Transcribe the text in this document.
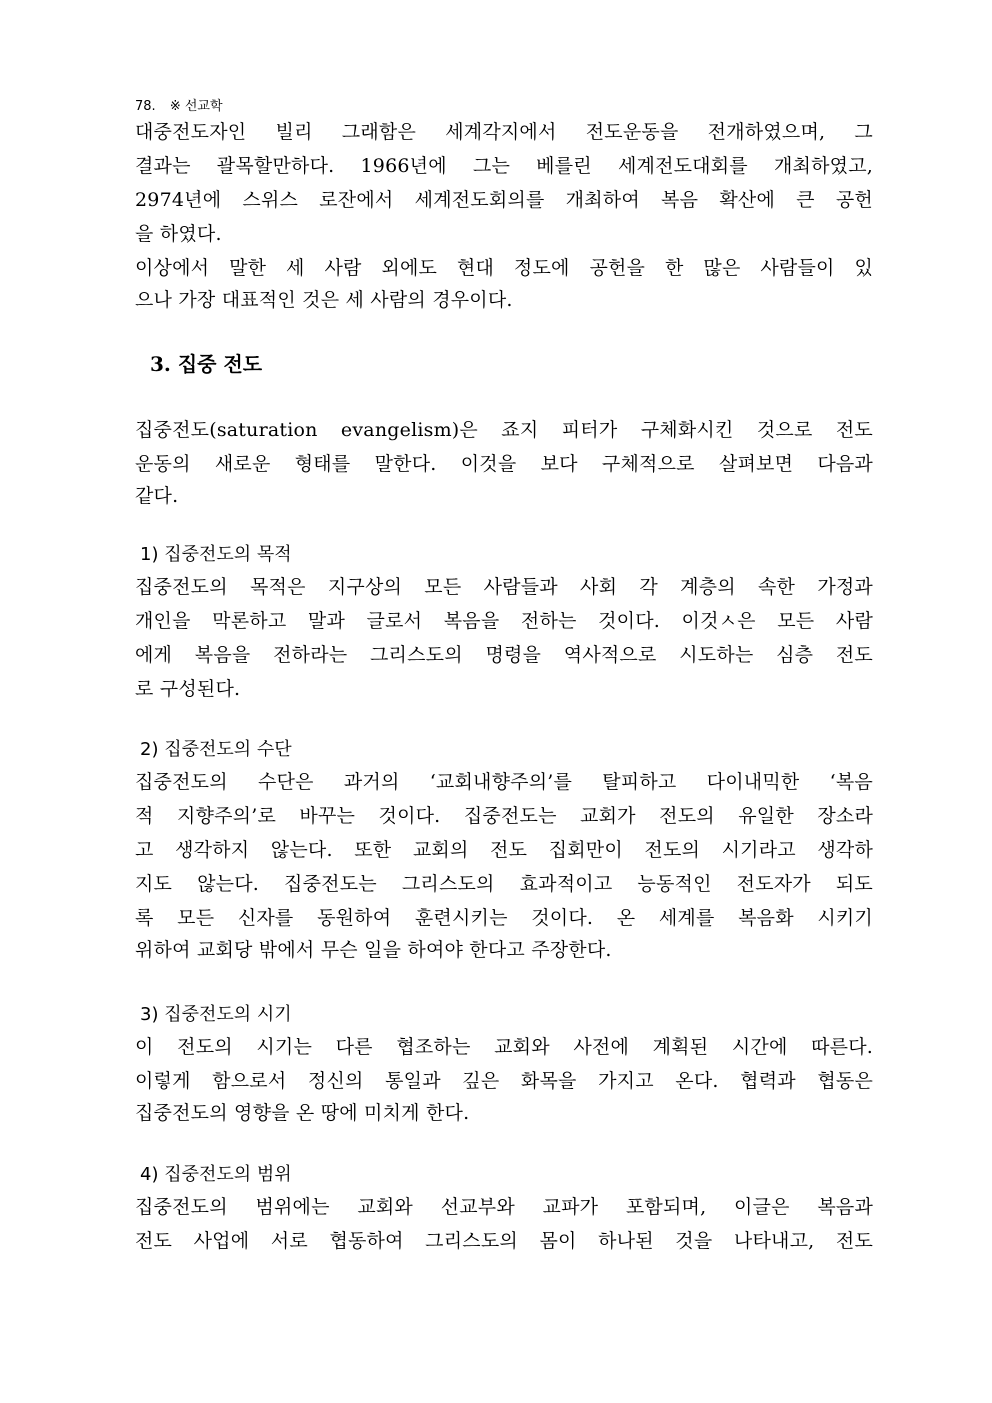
78. ※ 선교학
대중전도자인 빌리 그래함은 세계각지에서 전도운동을 전개하였으며, 그
결과는 괄목할만하다. 1966년에 그는 베를린 세계전도대회를 개최하였고,
2974년에 스위스 로잔에서 세계전도회의를 개최하여 복음 확산에 큰 공헌
을 하였다.
이상에서 말한 세 사람 외에도 현대 정도에 공헌을 한 많은 사람들이 있
으나 가장 대표적인 것은 세 사람의 경우이다.
3. 집중 전도
집중전도(saturation evangelism)은 죠지 피터가 구체화시킨 것으로 전도
운동의 새로운 형태를 말한다. 이것을 보다 구체적으로 살펴보면 다음과
같다.
1) 집중전도의 목적
집중전도의 목적은 지구상의 모든 사람들과 사회 각 계층의 속한 가정과
개인을 막론하고 말과 글로서 복음을 전하는 것이다. 이것ㅅ은 모든 사람
에게 복음을 전하라는 그리스도의 명령을 역사적으로 시도하는 심층 전도
로 구성된다.
2) 집중전도의 수단
집중전도의 수단은 과거의 ‘교회내향주의’를 탈피하고 다이내믹한 ‘복음
적 지향주의’로 바꾸는 것이다. 집중전도는 교회가 전도의 유일한 장소라
고 생각하지 않는다. 또한 교회의 전도 집회만이 전도의 시기라고 생각하
지도 않는다. 집중전도는 그리스도의 효과적이고 능동적인 전도자가 되도
록 모든 신자를 동원하여 훈련시키는 것이다. 온 세계를 복음화 시키기
위하여 교회당 밖에서 무슨 일을 하여야 한다고 주장한다.
3) 집중전도의 시기
이 전도의 시기는 다른 협조하는 교회와 사전에 계획된 시간에 따른다.
이렇게 함으로서 정신의 통일과 깊은 화목을 가지고 온다. 협력과 협동은
집중전도의 영향을 온 땅에 미치게 한다.
4) 집중전도의 범위
집중전도의 범위에는 교회와 선교부와 교파가 포함되며, 이글은 복음과
전도 사업에 서로 협동하여 그리스도의 몸이 하나된 것을 나타내고, 전도
